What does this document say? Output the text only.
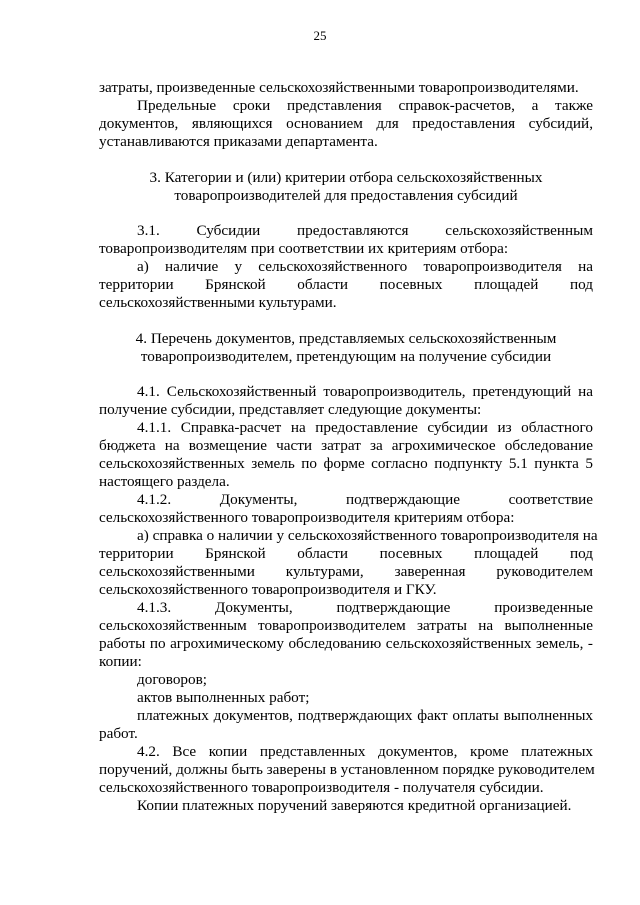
25
затраты, произведенные сельскохозяйственными товаропроизводителями.
Предельные сроки представления справок-расчетов, а также
документов, являющихся основанием для предоставления субсидий,
устанавливаются приказами департамента.
3. Категории и (или) критерии отбора сельскохозяйственных
товаропроизводителей для предоставления субсидий
3.1. Субсидии предоставляются сельскохозяйственным
товаропроизводителям при соответствии их критериям отбора:
а) наличие у сельскохозяйственного товаропроизводителя на
территории Брянской области посевных площадей под
сельскохозяйственными культурами.
4. Перечень документов, представляемых сельскохозяйственным
товаропроизводителем, претендующим на получение субсидии
4.1. Сельскохозяйственный товаропроизводитель, претендующий на
получение субсидии, представляет следующие документы:
4.1.1. Справка-расчет на предоставление субсидии из областного
бюджета на возмещение части затрат за агрохимическое обследование
сельскохозяйственных земель по форме согласно подпункту 5.1 пункта 5
настоящего раздела.
4.1.2. Документы, подтверждающие соответствие
сельскохозяйственного товаропроизводителя критериям отбора:
а) справка о наличии у сельскохозяйственного товаропроизводителя на
территории Брянской области посевных площадей под
сельскохозяйственными культурами, заверенная руководителем
сельскохозяйственного товаропроизводителя и ГКУ.
4.1.3. Документы, подтверждающие произведенные
сельскохозяйственным товаропроизводителем затраты на выполненные
работы по агрохимическому обследованию сельскохозяйственных земель, -
копии:
договоров;
актов выполненных работ;
платежных документов, подтверждающих факт оплаты выполненных
работ.
4.2. Все копии представленных документов, кроме платежных
поручений, должны быть заверены в установленном порядке руководителем
сельскохозяйственного товаропроизводителя - получателя субсидии.
Копии платежных поручений заверяются кредитной организацией.
